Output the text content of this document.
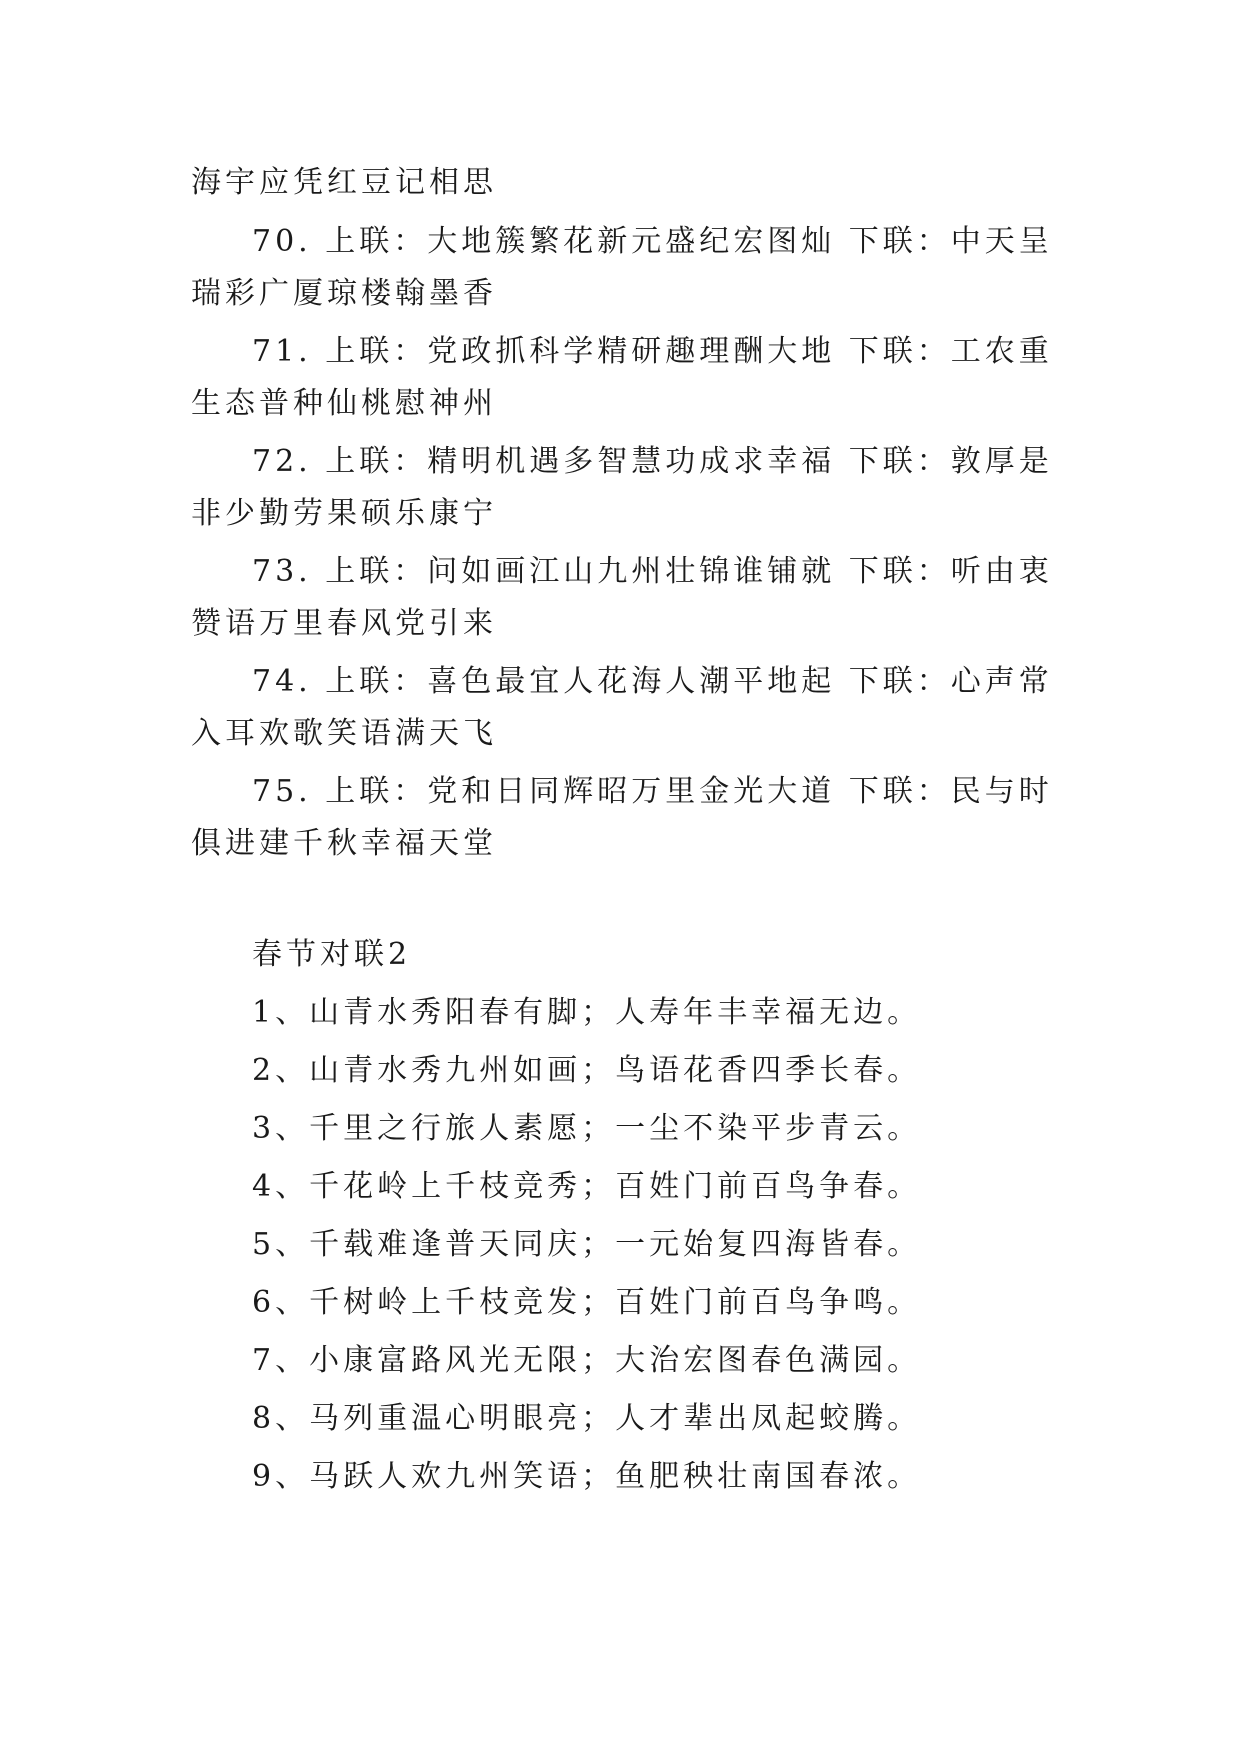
海宇应凭红豆记相思
70. 上联：大地簇繁花新元盛纪宏图灿 下联：中天呈
瑞彩广厦琼楼翰墨香
71. 上联：党政抓科学精研趣理酬大地 下联：工农重
生态普种仙桃慰神州
72. 上联：精明机遇多智慧功成求幸福 下联：敦厚是
非少勤劳果硕乐康宁
73. 上联：问如画江山九州壮锦谁铺就 下联：听由衷
赞语万里春风党引来
74. 上联：喜色最宜人花海人潮平地起 下联：心声常
入耳欢歌笑语满天飞
75. 上联：党和日同辉昭万里金光大道 下联：民与时
俱进建千秋幸福天堂
春节对联2
1、山青水秀阳春有脚；人寿年丰幸福无边。
2、山青水秀九州如画；鸟语花香四季长春。
3、千里之行旅人素愿；一尘不染平步青云。
4、千花岭上千枝竞秀；百姓门前百鸟争春。
5、千载难逢普天同庆；一元始复四海皆春。
6、千树岭上千枝竞发；百姓门前百鸟争鸣。
7、小康富路风光无限；大治宏图春色满园。
8、马列重温心明眼亮；人才辈出凤起蛟腾。
9、马跃人欢九州笑语；鱼肥秧壮南国春浓。
